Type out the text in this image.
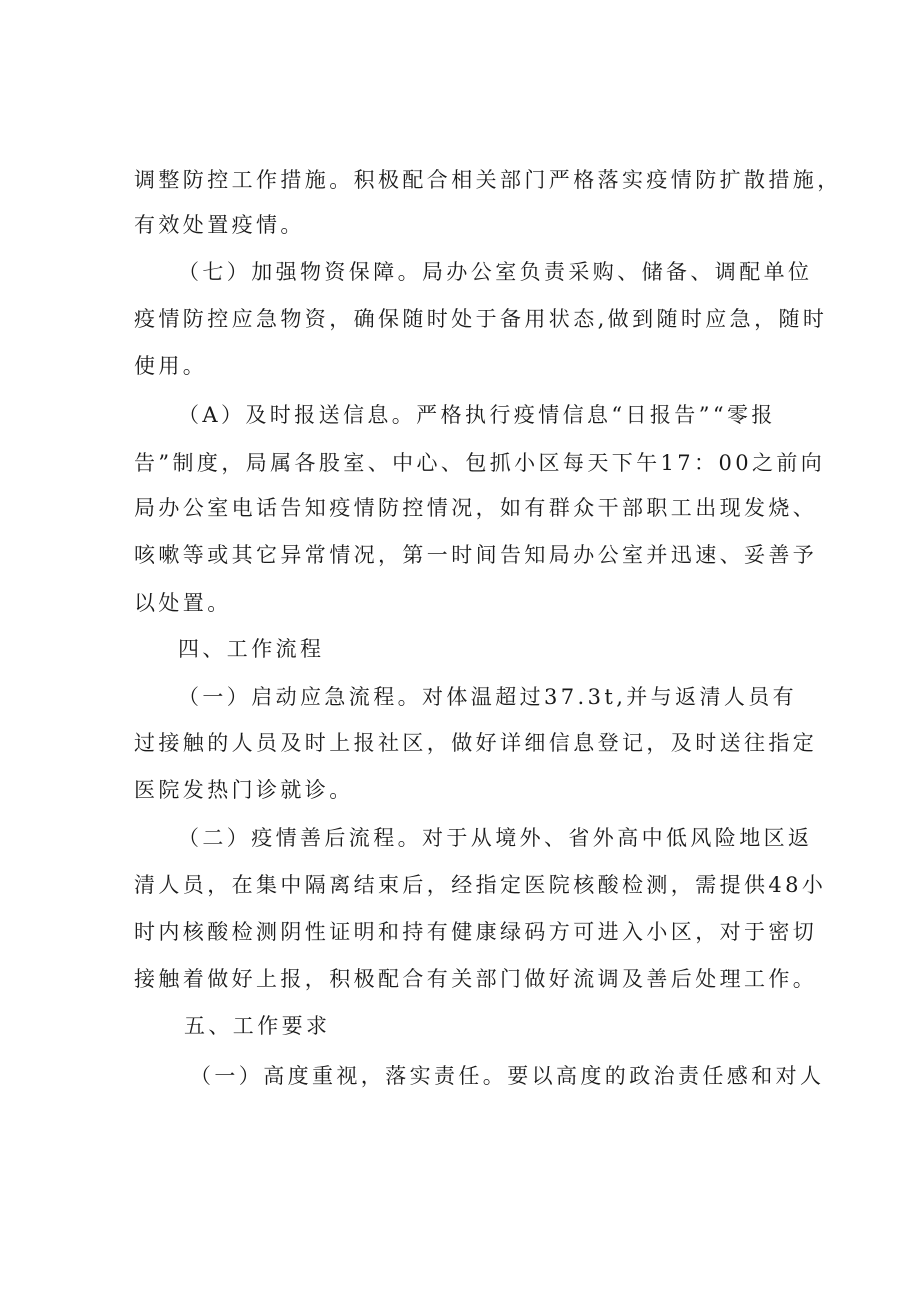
调整防控工作措施。积极配合相关部门严格落实疫情防扩散措施，
有效处置疫情。
（七）加强物资保障。局办公室负责采购、储备、调配单位
疫情防控应急物资，确保随时处于备用状态,做到随时应急，随时
使用。
（A）及时报送信息。严格执行疫情信息“日报告”“零报
告”制度，局属各股室、中心、包抓小区每天下午17：00之前向
局办公室电话告知疫情防控情况，如有群众干部职工出现发烧、
咳嗽等或其它异常情况，第一时间告知局办公室并迅速、妥善予
以处置。
四、工作流程
（一）启动应急流程。对体温超过37.3t,并与返清人员有
过接触的人员及时上报社区，做好详细信息登记，及时送往指定
医院发热门诊就诊。
（二）疫情善后流程。对于从境外、省外高中低风险地区返
清人员，在集中隔离结束后，经指定医院核酸检测，需提供48小
时内核酸检测阴性证明和持有健康绿码方可进入小区，对于密切
接触着做好上报，积极配合有关部门做好流调及善后处理工作。
五、工作要求
（一）高度重视，落实责任。要以高度的政治责任感和对人
